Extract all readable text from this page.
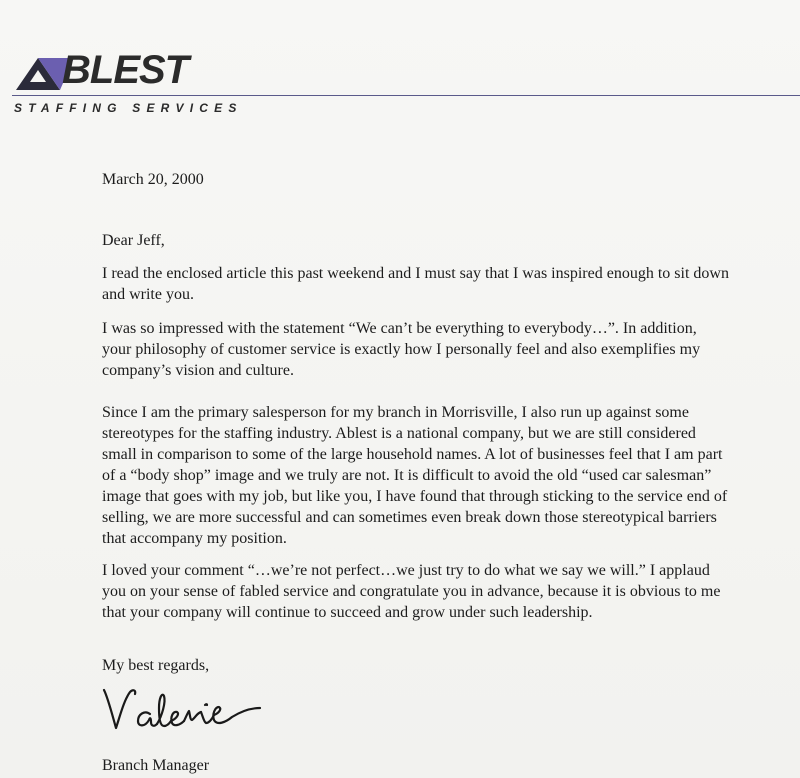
BLEST
STAFFING SERVICES
March 20, 2000
Dear Jeff,
I read the enclosed article this past weekend and I must say that I was inspired enough to sit down
and write you.
I was so impressed with the statement “We can’t be everything to everybody…”. In addition,
your philosophy of customer service is exactly how I personally feel and also exemplifies my
company’s vision and culture.
Since I am the primary salesperson for my branch in Morrisville, I also run up against some
stereotypes for the staffing industry. Ablest is a national company, but we are still considered
small in comparison to some of the large household names. A lot of businesses feel that I am part
of a “body shop” image and we truly are not. It is difficult to avoid the old “used car salesman”
image that goes with my job, but like you, I have found that through sticking to the service end of
selling, we are more successful and can sometimes even break down those stereotypical barriers
that accompany my position.
I loved your comment “…we’re not perfect…we just try to do what we say we will.” I applaud
you on your sense of fabled service and congratulate you in advance, because it is obvious to me
that your company will continue to succeed and grow under such leadership.
My best regards,
Branch Manager
